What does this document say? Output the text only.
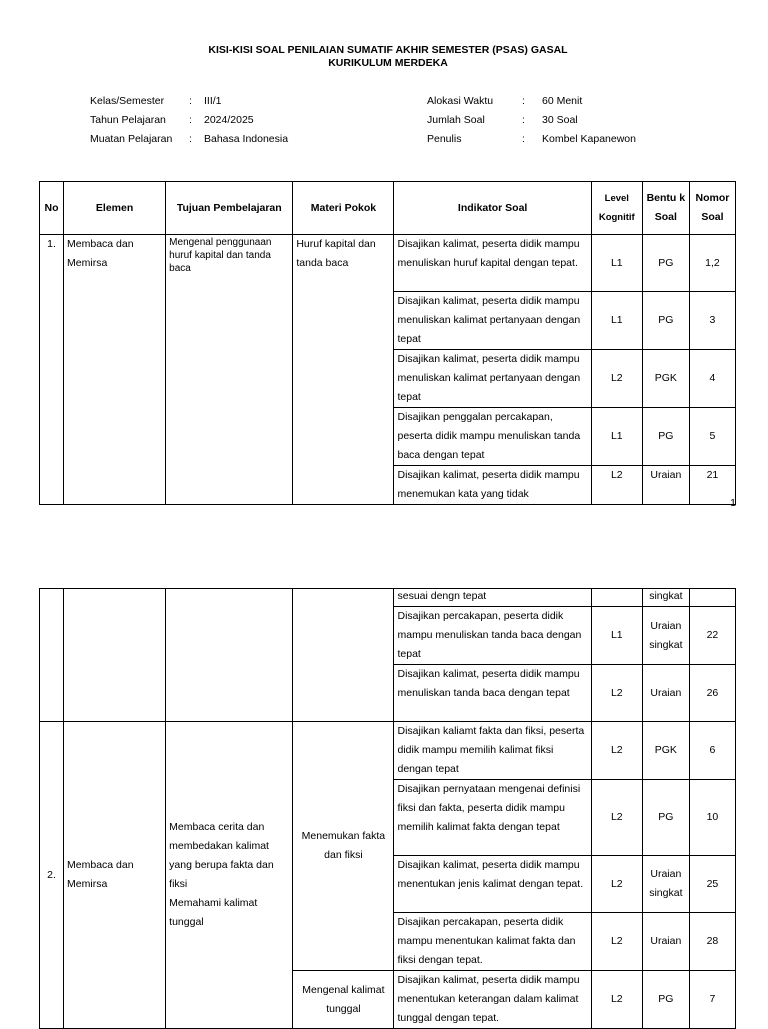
KISI-KISI SOAL PENILAIAN SUMATIF AKHIR SEMESTER (PSAS) GASAL
KURIKULUM MERDEKA
Kelas/Semester	:	III/1
Tahun Pelajaran	:	2024/2025
Muatan Pelajaran	:	Bahasa Indonesia
Alokasi Waktu	:	60 Menit
Jumlah Soal	:	30 Soal
Penulis	:	Kombel Kapanewon
No	Elemen	Tujuan Pembelajaran	Materi Pokok	Indikator Soal	Level Kognitif	Bentu k Soal	Nomor Soal
1.	Membaca dan Memirsa	Mengenal penggunaan huruf kapital dan tanda baca	Huruf kapital dan tanda baca	Disajikan kalimat, peserta didik mampu menuliskan huruf kapital dengan tepat.	L1	PG	1,2
				Disajikan kalimat, peserta didik mampu menuliskan kalimat pertanyaan dengan tepat	L1	PG	3
				Disajikan kalimat, peserta didik mampu menuliskan kalimat pertanyaan dengan tepat	L2	PGK	4
				Disajikan penggalan percakapan, peserta didik mampu menuliskan tanda baca dengan tepat	L1	PG	5
				Disajikan kalimat, peserta didik mampu menemukan kata yang tidak	L2	Uraian	21
1
				sesuai dengn tepat		singkat	
				Disajikan percakapan, peserta didik mampu menuliskan tanda baca dengan tepat	L1	Uraian singkat	22
				Disajikan kalimat, peserta didik mampu menuliskan tanda baca dengan tepat	L2	Uraian	26
2.	Membaca dan Memirsa	Membaca cerita dan membedakan kalimat yang berupa fakta dan fiksi
Memahami kalimat
tunggal	Menemukan fakta dan fiksi	Disajikan kaliamt fakta dan fiksi, peserta didik mampu memilih kalimat fiksi dengan tepat	L2	PGK	6
				Disajikan pernyataan mengenai definisi fiksi dan fakta, peserta didik mampu memilih kalimat fakta dengan tepat	L2	PG	10
				Disajikan kalimat, peserta didik mampu menentukan jenis kalimat dengan tepat.	L2	Uraian singkat	25
				Disajikan percakapan, peserta didik mampu menentukan kalimat fakta dan fiksi dengan tepat.	L2	Uraian	28
			Mengenal kalimat tunggal	Disajikan kalimat, peserta didik mampu menentukan keterangan dalam kalimat tunggal dengan tepat.	L2	PG	7
